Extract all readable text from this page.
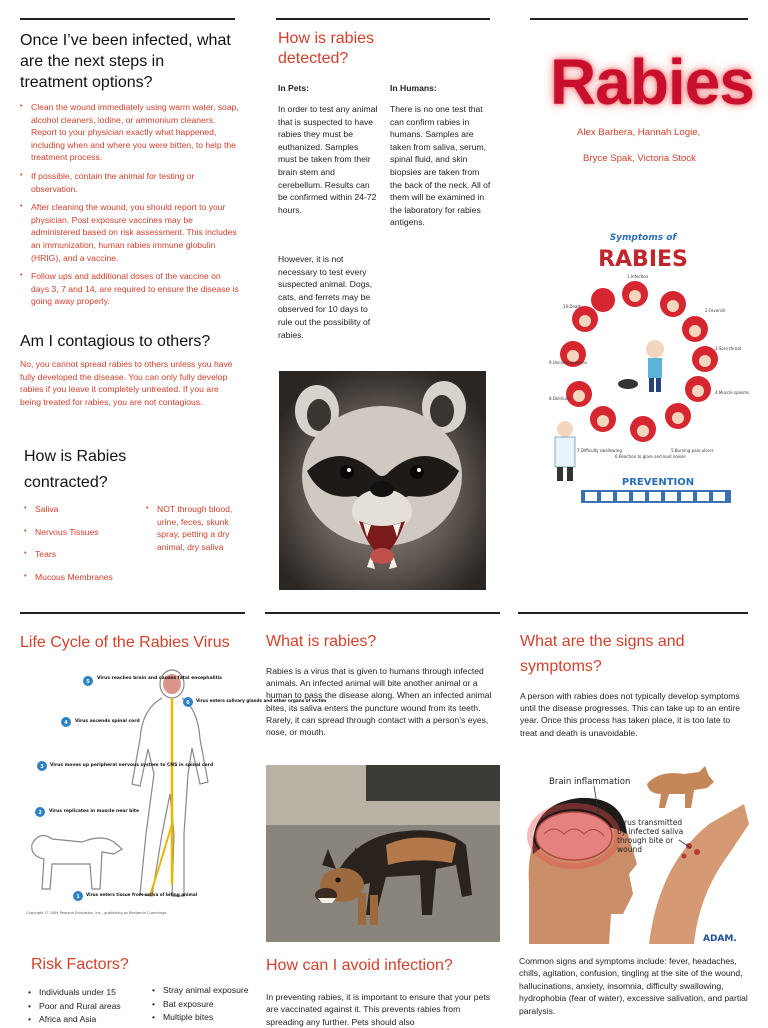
Once I’ve been infected, what are the next steps in treatment options?
• Clean the wound immediately using warm water, soap, alcohol cleaners, iodine, or ammonium cleaners. Report to your physician exactly what happened, including when and where you were bitten, to help the treatment process.
• If possible, contain the animal for testing or observation.
• After cleaning the wound, you should report to your physician. Post exposure vaccines may be administered based on risk assessment. This includes an immunization, human rabies immune globulin (HRIG), and a vaccine.
• Follow ups and additional doses of the vaccine on days 3, 7 and 14, are required to ensure the disease is going away properly.
Am I contagious to others?
No, you cannot spread rabies to others unless you have fully developed the disease. You can only fully develop rabies if you leave it completely untreated. If you are being treated for rabies, you are not contagious.
How is Rabies
contracted?
• Saliva
• Nervous Tissues
• Tears
• Mucous Membranes
• NOT through blood, urine, feces, skunk spray, petting a dry animal, dry saliva
How is rabies
detected?
In Pets:
In order to test any animal that is suspected to have rabies they must be euthanized. Samples must be taken from their brain stem and cerebellum. Results can be confirmed within 24-72 hours.
However, it is not necessary to test every suspected animal. Dogs, cats, and ferrets may be observed for 10 days to rule out the possibility of rabies.
In Humans:
There is no one test that can confirm rabies in humans. Samples are taken from saliva, serum, spinal fluid, and skin biopsies are taken from the back of the neck. All of them will be examined in the laboratory for rabies antigens.
Rabies
Alex Barbera, Hannah Logie,
Bryce Spak, Victoria Stock
Symptoms of
RABIES
1.Infection
2.Feverish
3.Sore throat
4.Muscle spasms
5.Burning pain,ulcers
6.Reaction to glare and loud noises
7.Difficulty swallowing
8.Delirium
9.Unconsciousness
10.Death
PREVENTION
Life Cycle of the Rabies Virus
5
Virus reaches brain and causes fatal encephalitis
4 Virus ascends spinal cord
3 Virus moves up peripheral nervous system to CNS in spinal cord
2 Virus replicates in muscle near bite
1 Virus enters tissue from saliva of biting animal
6 Virus enters salivary glands and other organs of victim
Copyright © 2004 Pearson Education, Inc., publishing as Benjamin Cummings.
Risk Factors?
• Individuals under 15
• Poor and Rural areas
• Africa and Asia
• Stray animal exposure
• Bat exposure
• Multiple bites
What is rabies?
Rabies is a virus that is given to humans through infected animals. An infected animal will bite another animal or a human to pass the disease along. When an infected animal bites, its saliva enters the puncture wound from its teeth. Rarely, it can spread through contact with a person’s eyes, nose, or mouth.
How can I avoid infection?
In preventing rabies, it is important to ensure that your pets are vaccinated against it. This prevents rabies from spreading any further. Pets should also
What are the signs and
symptoms?
A person with rabies does not typically develop symptoms until the disease progresses. This can take up to an entire year. Once this process has taken place, it is too late to treat and death is unavoidable.
Brain inflammation
Virus transmitted by infected saliva through bite or wound
ADAM.
Common signs and symptoms include: fever, headaches, chills, agitation, confusion, tingling at the site of the wound, hallucinations, anxiety, insomnia, difficulty swallowing, hydrophobia (fear of water), excessive salivation, and partial paralysis.
